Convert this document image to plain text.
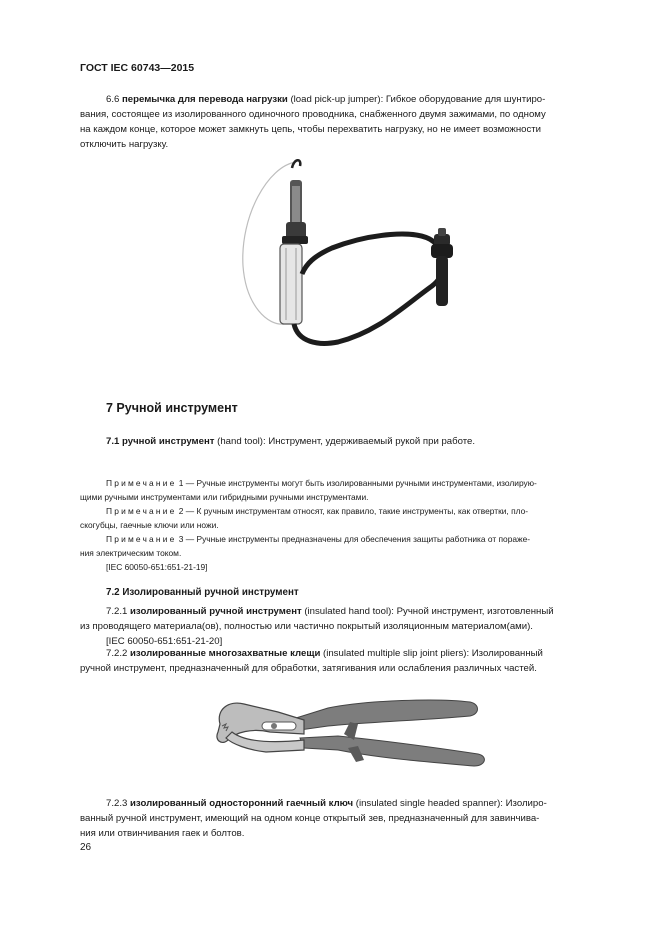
ГОСТ IEC 60743—2015
6.6 перемычка для перевода нагрузки (load pick-up jumper): Гибкое оборудование для шунтиро-
вания, состоящее из изолированного одиночного проводника, снабженного двумя зажимами, по одному
на каждом конце, которое может замкнуть цепь, чтобы перехватить нагрузку, но не имеет возможности
отключить нагрузку.
7 Ручной инструмент
7.1 ручной инструмент (hand tool): Инструмент, удерживаемый рукой при работе.
Примечание 1 — Ручные инструменты могут быть изолированными ручными инструментами, изолирую-
щими ручными инструментами или гибридными ручными инструментами.
Примечание 2 — К ручным инструментам относят, как правило, такие инструменты, как отвертки, пло-
скогубцы, гаечные ключи или ножи.
Примечание 3 — Ручные инструменты предназначены для обеспечения защиты работника от пораже-
ния электрическим током.
[IEC 60050-651:651-21-19]
7.2 Изолированный ручной инструмент
7.2.1 изолированный ручной инструмент (insulated hand tool): Ручной инструмент, изготовленный
из проводящего материала(ов), полностью или частично покрытый изоляционным материалом(ами).
[IEC 60050-651:651-21-20]
7.2.2 изолированные многозахватные клещи (insulated multiple slip joint pliers): Изолированный
ручной инструмент, предназначенный для обработки, затягивания или ослабления различных частей.
7.2.3 изолированный односторонний гаечный ключ (insulated single headed spanner): Изолиро-
ванный ручной инструмент, имеющий на одном конце открытый зев, предназначенный для завинчива-
ния или отвинчивания гаек и болтов.
26
